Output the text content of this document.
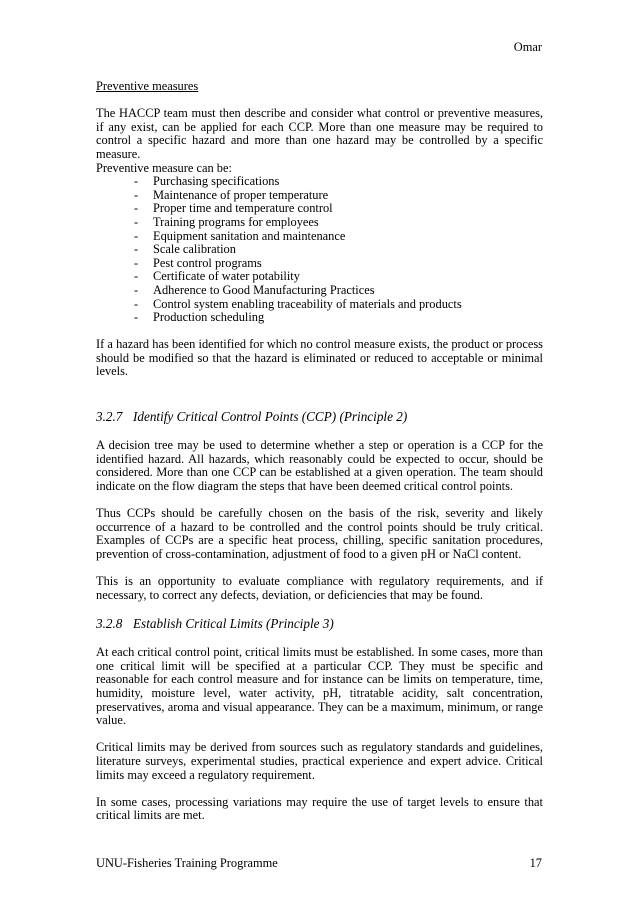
Omar
Preventive measures

The HACCP team must then describe and consider what control or preventive measures, if any exist, can be applied for each CCP. More than one measure may be required to control a specific hazard and more than one hazard may be controlled by a specific measure.

Preventive measure can be:

- Purchasing specifications
- Maintenance of proper temperature
- Proper time and temperature control
- Training programs for employees
- Equipment sanitation and maintenance
- Scale calibration
- Pest control programs
- Certificate of water potability
- Adherence to Good Manufacturing Practices
- Control system enabling traceability of materials and products
- Production scheduling

If a hazard has been identified for which no control measure exists, the product or process should be modified so that the hazard is eliminated or reduced to acceptable or minimal levels.

3.2.7 Identify Critical Control Points (CCP) (Principle 2)

A decision tree may be used to determine whether a step or operation is a CCP for the identified hazard. All hazards, which reasonably could be expected to occur, should be considered. More than one CCP can be established at a given operation. The team should indicate on the flow diagram the steps that have been deemed critical control points.

Thus CCPs should be carefully chosen on the basis of the risk, severity and likely occurrence of a hazard to be controlled and the control points should be truly critical. Examples of CCPs are a specific heat process, chilling, specific sanitation procedures, prevention of cross-contamination, adjustment of food to a given pH or NaCl content.

This is an opportunity to evaluate compliance with regulatory requirements, and if necessary, to correct any defects, deviation, or deficiencies that may be found.

3.2.8 Establish Critical Limits (Principle 3)

At each critical control point, critical limits must be established. In some cases, more than one critical limit will be specified at a particular CCP. They must be specific and reasonable for each control measure and for instance can be limits on temperature, time, humidity, moisture level, water activity, pH, titratable acidity, salt concentration, preservatives, aroma and visual appearance. They can be a maximum, minimum, or range value.

Critical limits may be derived from sources such as regulatory standards and guidelines, literature surveys, experimental studies, practical experience and expert advice. Critical limits may exceed a regulatory requirement.

In some cases, processing variations may require the use of target levels to ensure that critical limits are met.

UNU-Fisheries Training Programme	17
